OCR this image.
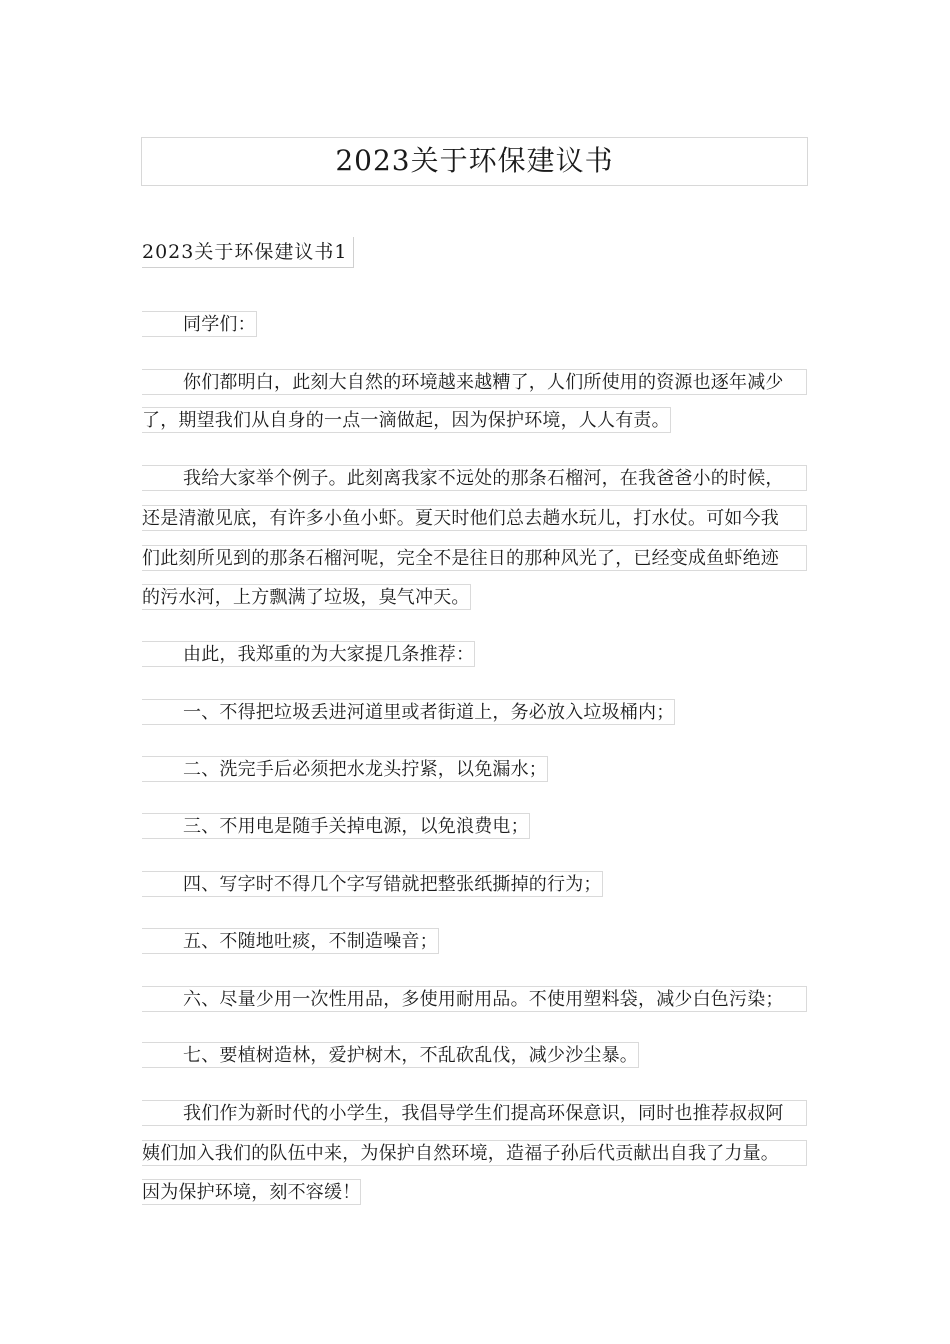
2023关于环保建议书
2023关于环保建议书1
同学们：
你们都明白，此刻大自然的环境越来越糟了，人们所使用的资源也逐年减少
了，期望我们从自身的一点一滴做起，因为保护环境，人人有责。
我给大家举个例子。此刻离我家不远处的那条石榴河，在我爸爸小的时候，
还是清澈见底，有许多小鱼小虾。夏天时他们总去趟水玩儿，打水仗。可如今我
们此刻所见到的那条石榴河呢，完全不是往日的那种风光了，已经变成鱼虾绝迹
的污水河，上方飘满了垃圾，臭气冲天。
由此，我郑重的为大家提几条推荐：
一、不得把垃圾丢进河道里或者街道上，务必放入垃圾桶内；
二、洗完手后必须把水龙头拧紧，以免漏水；
三、不用电是随手关掉电源，以免浪费电；
四、写字时不得几个字写错就把整张纸撕掉的行为；
五、不随地吐痰，不制造噪音；
六、尽量少用一次性用品，多使用耐用品。不使用塑料袋，减少白色污染；
七、要植树造林，爱护树木，不乱砍乱伐，减少沙尘暴。
我们作为新时代的小学生，我倡导学生们提高环保意识，同时也推荐叔叔阿
姨们加入我们的队伍中来，为保护自然环境，造福子孙后代贡献出自我了力量。
因为保护环境，刻不容缓！
